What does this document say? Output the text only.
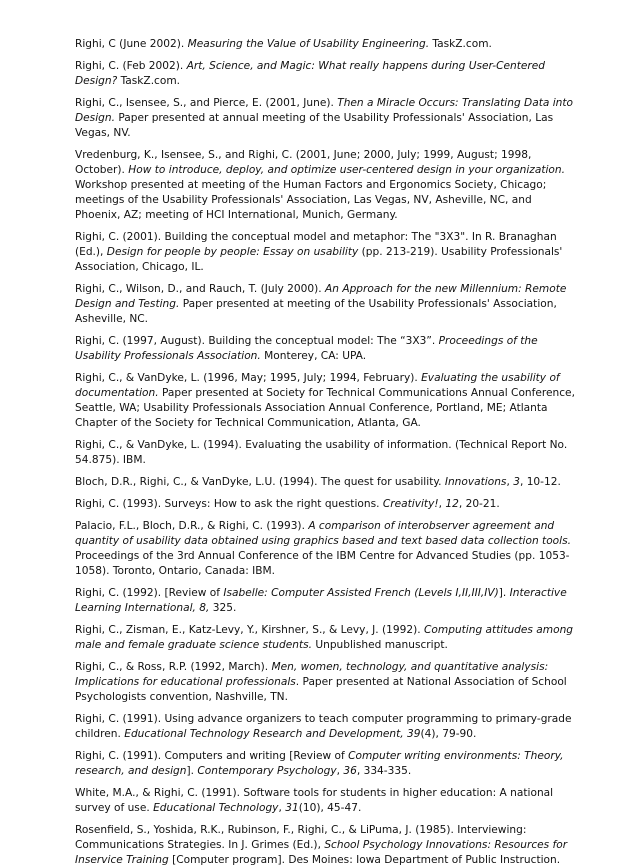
Righi, C (June 2002). Measuring the Value of Usability Engineering. TaskZ.com.

Righi, C. (Feb 2002). Art, Science, and Magic: What really happens during User-Centered Design? TaskZ.com.

Righi, C., Isensee, S., and Pierce, E. (2001, June). Then a Miracle Occurs: Translating Data into Design. Paper presented at annual meeting of the Usability Professionals' Association, Las Vegas, NV.

Vredenburg, K., Isensee, S., and Righi, C. (2001, June; 2000, July; 1999, August; 1998, October). How to introduce, deploy, and optimize user-centered design in your organization. Workshop presented at meeting of the Human Factors and Ergonomics Society, Chicago; meetings of the Usability Professionals' Association, Las Vegas, NV, Asheville, NC, and Phoenix, AZ; meeting of HCI International, Munich, Germany.

Righi, C. (2001). Building the conceptual model and metaphor: The "3X3". In R. Branaghan (Ed.), Design for people by people: Essay on usability (pp. 213-219). Usability Professionals' Association, Chicago, IL.

Righi, C., Wilson, D., and Rauch, T. (July 2000). An Approach for the new Millennium: Remote Design and Testing. Paper presented at meeting of the Usability Professionals' Association, Asheville, NC.

Righi, C. (1997, August). Building the conceptual model: The “3X3”. Proceedings of the Usability Professionals Association. Monterey, CA: UPA.

Righi, C., & VanDyke, L. (1996, May; 1995, July; 1994, February). Evaluating the usability of documentation. Paper presented at Society for Technical Communications Annual Conference, Seattle, WA; Usability Professionals Association Annual Conference, Portland, ME; Atlanta Chapter of the Society for Technical Communication, Atlanta, GA.

Righi, C., & VanDyke, L. (1994). Evaluating the usability of information. (Technical Report No. 54.875). IBM.

Bloch, D.R., Righi, C., & VanDyke, L.U. (1994). The quest for usability. Innovations, 3, 10-12.

Righi, C. (1993). Surveys: How to ask the right questions. Creativity!, 12, 20-21.

Palacio, F.L., Bloch, D.R., & Righi, C. (1993). A comparison of interobserver agreement and quantity of usability data obtained using graphics based and text based data collection tools. Proceedings of the 3rd Annual Conference of the IBM Centre for Advanced Studies (pp. 1053-1058). Toronto, Ontario, Canada: IBM.

Righi, C. (1992). [Review of Isabelle: Computer Assisted French (Levels I,II,III,IV)]. Interactive Learning International, 8, 325.

Righi, C., Zisman, E., Katz-Levy, Y., Kirshner, S., & Levy, J. (1992). Computing attitudes among male and female graduate science students. Unpublished manuscript.

Righi, C., & Ross, R.P. (1992, March). Men, women, technology, and quantitative analysis: Implications for educational professionals. Paper presented at National Association of School Psychologists convention, Nashville, TN.

Righi, C. (1991). Using advance organizers to teach computer programming to primary-grade children. Educational Technology Research and Development, 39(4), 79-90.

Righi, C. (1991). Computers and writing [Review of Computer writing environments: Theory, research, and design]. Contemporary Psychology, 36, 334-335.

White, M.A., & Righi, C. (1991). Software tools for students in higher education: A national survey of use. Educational Technology, 31(10), 45-47.

Rosenfield, S., Yoshida, R.K., Rubinson, F., Righi, C., & LiPuma, J. (1985). Interviewing: Communications Strategies. In J. Grimes (Ed.), School Psychology Innovations: Resources for Inservice Training [Computer program]. Des Moines: Iowa Department of Public Instruction.
